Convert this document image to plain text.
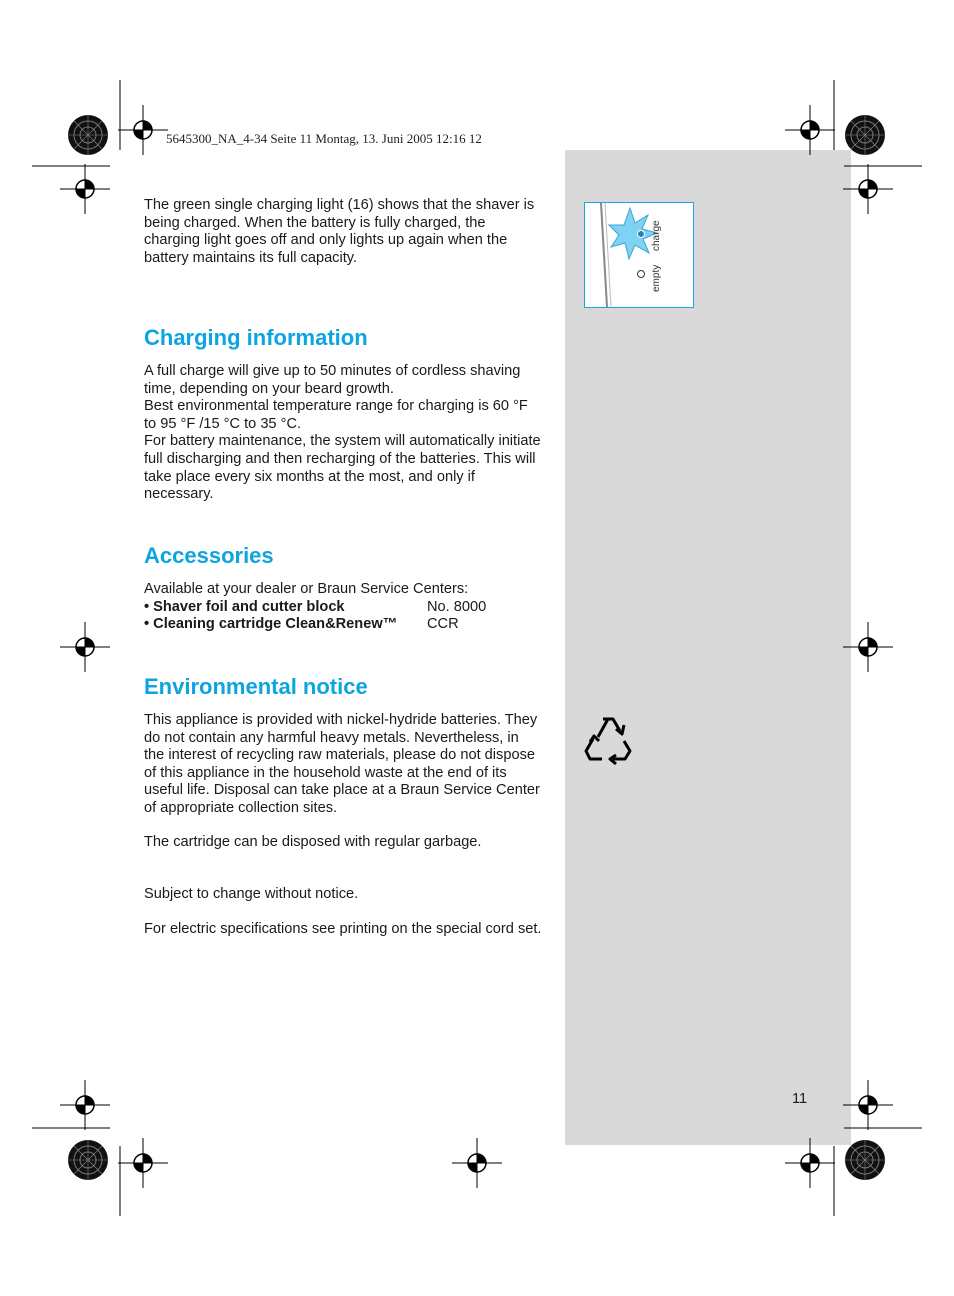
5645300_NA_4-34 Seite 11 Montag, 13. Juni 2005 12:16 12

The green single charging light (16) shows that the shaver is being charged. When the battery is fully charged, the charging light goes off and only lights up again when the battery maintains its full capacity.

Charging information

A full charge will give up to 50 minutes of cordless shaving time, depending on your beard growth.

Best environmental temperature range for charging is 60 °F to 95 °F /15 °C to 35 °C.

For battery maintenance, the system will automatically initiate full discharging and then recharging of the batteries. This will take place every six months at the most, and only if necessary.

Accessories

Available at your dealer or Braun Service Centers:

• Shaver foil and cutter block	No. 8000
• Cleaning cartridge Clean&Renew™	CCR
Environmental notice

This appliance is provided with nickel-hydride batteries. They do not contain any harmful heavy metals. Nevertheless, in the interest of recycling raw materials, please do not dispose of this appliance in the household waste at the end of its useful life. Disposal can take place at a Braun Service Center of appropriate collection sites.

The cartridge can be disposed with regular garbage.

Subject to change without notice.

For electric specifications see printing on the special cord set.

charge
empty
11
